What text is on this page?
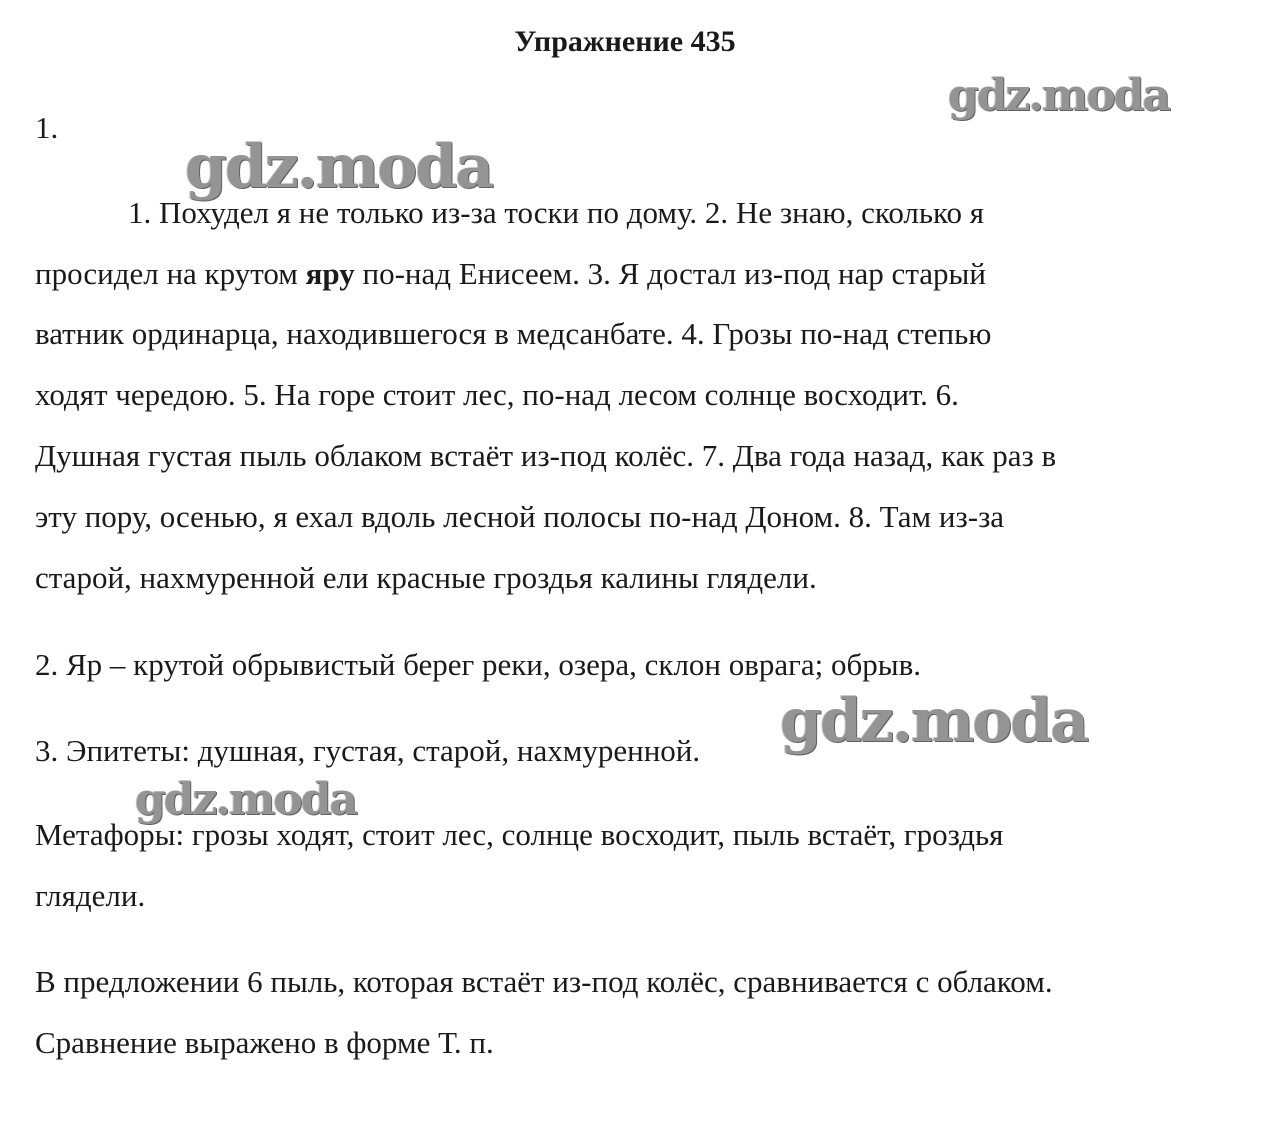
Упражнение 435
1.
1. Похудел я не только из-за тоски по дому. 2. Не знаю, сколько я
просидел на крутом яру по-над Енисеем. 3. Я достал из-под нар старый
ватник ординарца, находившегося в медсанбате. 4. Грозы по-над степью
ходят чередою. 5. На горе стоит лес, по-над лесом солнце восходит. 6.
Душная густая пыль облаком встаёт из-под колёс. 7. Два года назад, как раз в
эту пору, осенью, я ехал вдоль лесной полосы по-над Доном. 8. Там из-за
старой, нахмуренной ели красные гроздья калины глядели.
2. Яр – крутой обрывистый берег реки, озера, склон оврага; обрыв.
3. Эпитеты: душная, густая, старой, нахмуренной.
Метафоры: грозы ходят, стоит лес, солнце восходит, пыль встаёт, гроздья
глядели.
В предложении 6 пыль, которая встаёт из-под колёс, сравнивается с облаком.
Сравнение выражено в форме Т. п.
gdz.moda
gdz.moda
gdz.moda
gdz.moda
